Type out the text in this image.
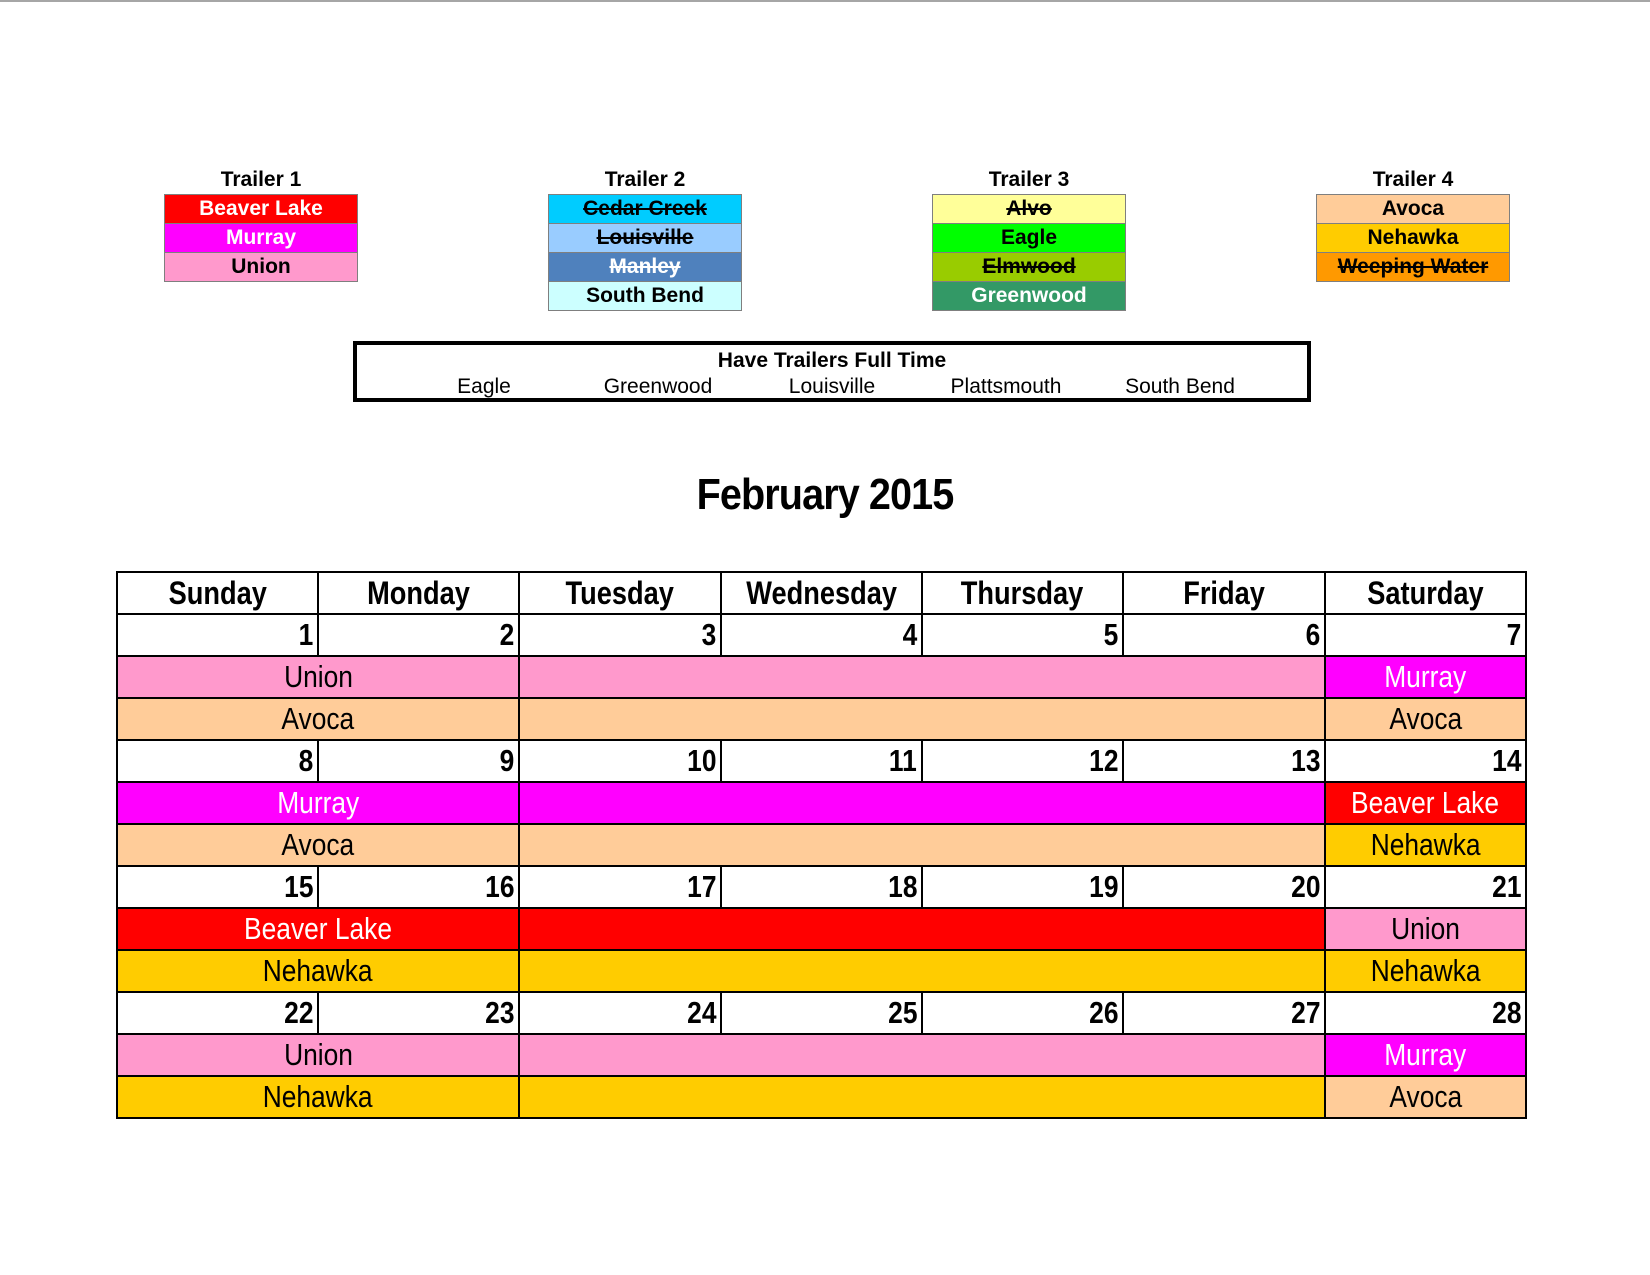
Trailer 1
Beaver Lake
Murray
Union
Trailer 2
Cedar Creek
Louisville
Manley
South Bend
Trailer 3
Alvo
Eagle
Elmwood
Greenwood
Trailer 4
Avoca
Nehawka
Weeping Water
Have Trailers Full Time
Eagle	Greenwood	Louisville	Plattsmouth	South Bend
February 2015
Sunday	Monday	Tuesday	Wednesday	Thursday	Friday	Saturday
1	2	3	4	5	6	7
Union						Murray
Avoca						Avoca
8	9	10	11	12	13	14
Murray						Beaver Lake
Avoca						Nehawka
15	16	17	18	19	20	21
Beaver Lake						Union
Nehawka						Nehawka
22	23	24	25	26	27	28
Union						Murray
Nehawka						Avoca
